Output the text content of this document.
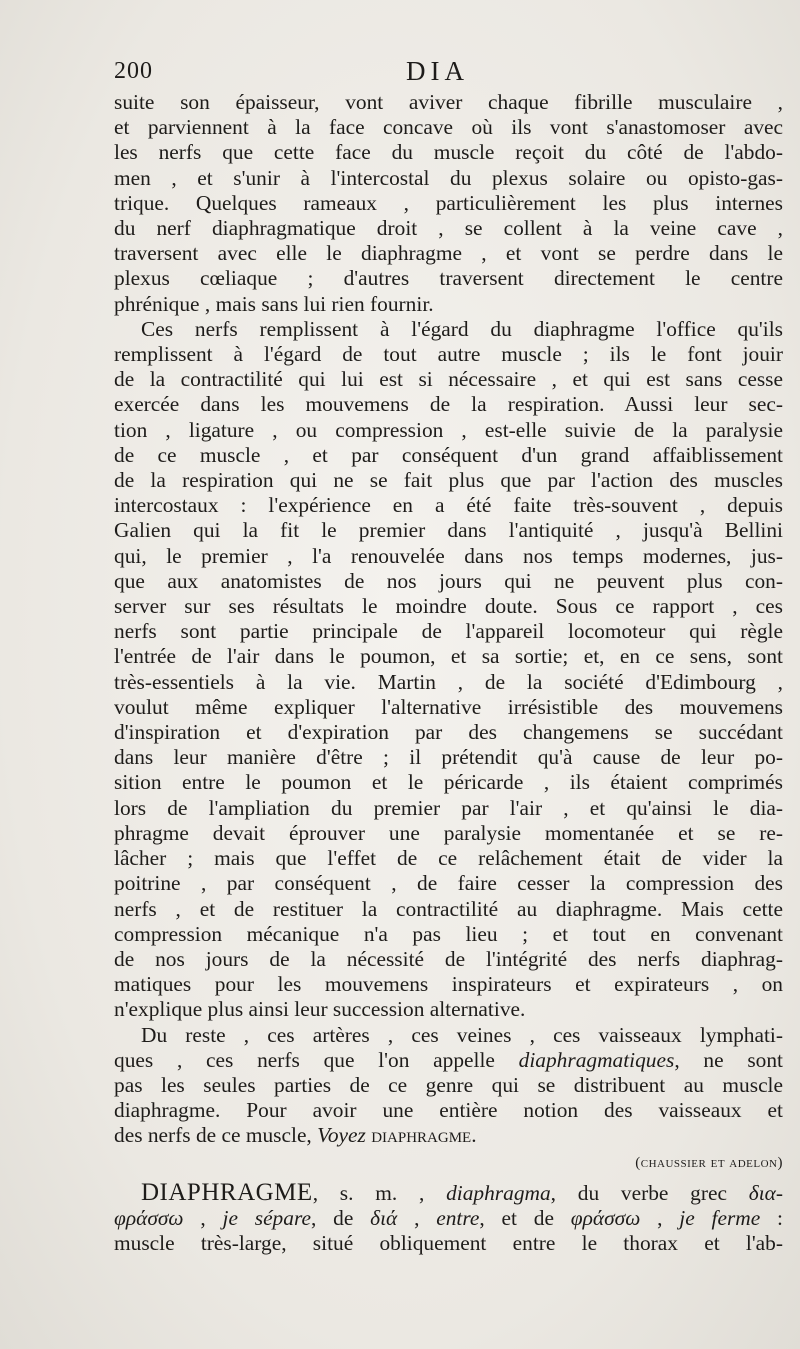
200	DIA

suite son épaisseur, vont aviver chaque fibrille musculaire ,
et parviennent à la face concave où ils vont s'anastomoser avec
les nerfs que cette face du muscle reçoit du côté de l'abdo-
men , et s'unir à l'intercostal du plexus solaire ou opisto-gas-
trique. Quelques rameaux , particulièrement les plus internes
du nerf diaphragmatique droit , se collent à la veine cave ,
traversent avec elle le diaphragme , et vont se perdre dans le
plexus cœliaque ; d'autres traversent directement le centre
phrénique , mais sans lui rien fournir.

Ces nerfs remplissent à l'égard du diaphragme l'office qu'ils
remplissent à l'égard de tout autre muscle ; ils le font jouir
de la contractilité qui lui est si nécessaire , et qui est sans cesse
exercée dans les mouvemens de la respiration. Aussi leur sec-
tion , ligature , ou compression , est-elle suivie de la paralysie
de ce muscle , et par conséquent d'un grand affaiblissement
de la respiration qui ne se fait plus que par l'action des muscles
intercostaux : l'expérience en a été faite très-souvent , depuis
Galien qui la fit le premier dans l'antiquité , jusqu'à Bellini
qui, le premier , l'a renouvelée dans nos temps modernes, jus-
que aux anatomistes de nos jours qui ne peuvent plus con-
server sur ses résultats le moindre doute. Sous ce rapport , ces
nerfs sont partie principale de l'appareil locomoteur qui règle
l'entrée de l'air dans le poumon, et sa sortie; et, en ce sens, sont
très-essentiels à la vie. Martin , de la société d'Edimbourg ,
voulut même expliquer l'alternative irrésistible des mouvemens
d'inspiration et d'expiration par des changemens se succédant
dans leur manière d'être ; il prétendit qu'à cause de leur po-
sition entre le poumon et le péricarde , ils étaient comprimés
lors de l'ampliation du premier par l'air , et qu'ainsi le dia-
phragme devait éprouver une paralysie momentanée et se re-
lâcher ; mais que l'effet de ce relâchement était de vider la
poitrine , par conséquent , de faire cesser la compression des
nerfs , et de restituer la contractilité au diaphragme. Mais cette
compression mécanique n'a pas lieu ; et tout en convenant
de nos jours de la nécessité de l'intégrité des nerfs diaphrag-
matiques pour les mouvemens inspirateurs et expirateurs , on
n'explique plus ainsi leur succession alternative.

Du reste , ces artères , ces veines , ces vaisseaux lymphati-
ques , ces nerfs que l'on appelle diaphragmatiques, ne sont
pas les seules parties de ce genre qui se distribuent au muscle
diaphragme. Pour avoir une entière notion des vaisseaux et
des nerfs de ce muscle, Voyez diaphragme.
(chaussier et adelon)

DIAPHRAGME, s. m. , diaphragma, du verbe grec δια-
φράσσω , je sépare, de διά , entre, et de φράσσω , je ferme :
muscle très-large, situé obliquement entre le thorax et l'ab-
